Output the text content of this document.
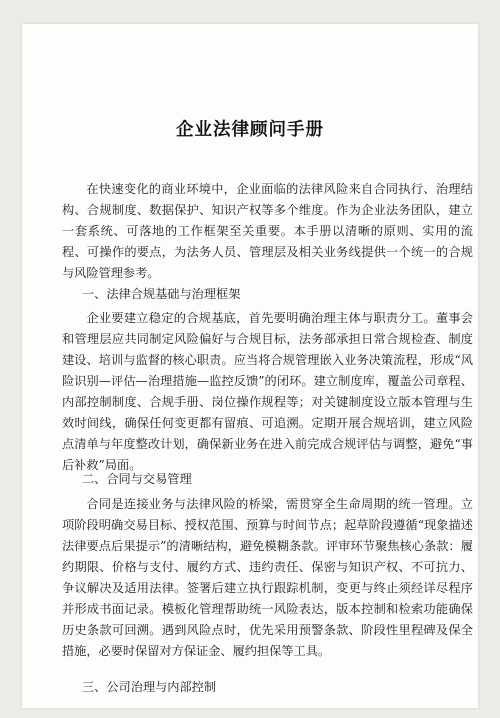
企业法律顾问手册

在快速变化的商业环境中，企业面临的法律风险来自合同执行、治理结构、合规制度、数据保护、知识产权等多个维度。作为企业法务团队，建立一套系统、可落地的工作框架至关重要。本手册以清晰的原则、实用的流程、可操作的要点，为法务人员、管理层及相关业务线提供一个统一的合规与风险管理参考。

一、法律合规基础与治理框架

企业要建立稳定的合规基底，首先要明确治理主体与职责分工。董事会和管理层应共同制定风险偏好与合规目标，法务部承担日常合规检查、制度建设、培训与监督的核心职责。应当将合规管理嵌入业务决策流程，形成“风险识别—评估—治理措施—监控反馈”的闭环。建立制度库，覆盖公司章程、内部控制制度、合规手册、岗位操作规程等；对关键制度设立版本管理与生效时间线，确保任何变更都有留痕、可追溯。定期开展合规培训，建立风险点清单与年度整改计划，确保新业务在进入前完成合规评估与调整，避免“事后补救”局面。

二、合同与交易管理

合同是连接业务与法律风险的桥梁，需贯穿全生命周期的统一管理。立项阶段明确交易目标、授权范围、预算与时间节点；起草阶段遵循“现象描述法律要点后果提示”的清晰结构，避免模糊条款。评审环节聚焦核心条款：履约期限、价格与支付、履约方式、违约责任、保密与知识产权、不可抗力、争议解决及适用法律。签署后建立执行跟踪机制，变更与终止须经详尽程序并形成书面记录。模板化管理帮助统一风险表达，版本控制和检索功能确保历史条款可回溯。遇到风险点时，优先采用预警条款、阶段性里程碑及保全措施，必要时保留对方保证金、履约担保等工具。

三、公司治理与内部控制
